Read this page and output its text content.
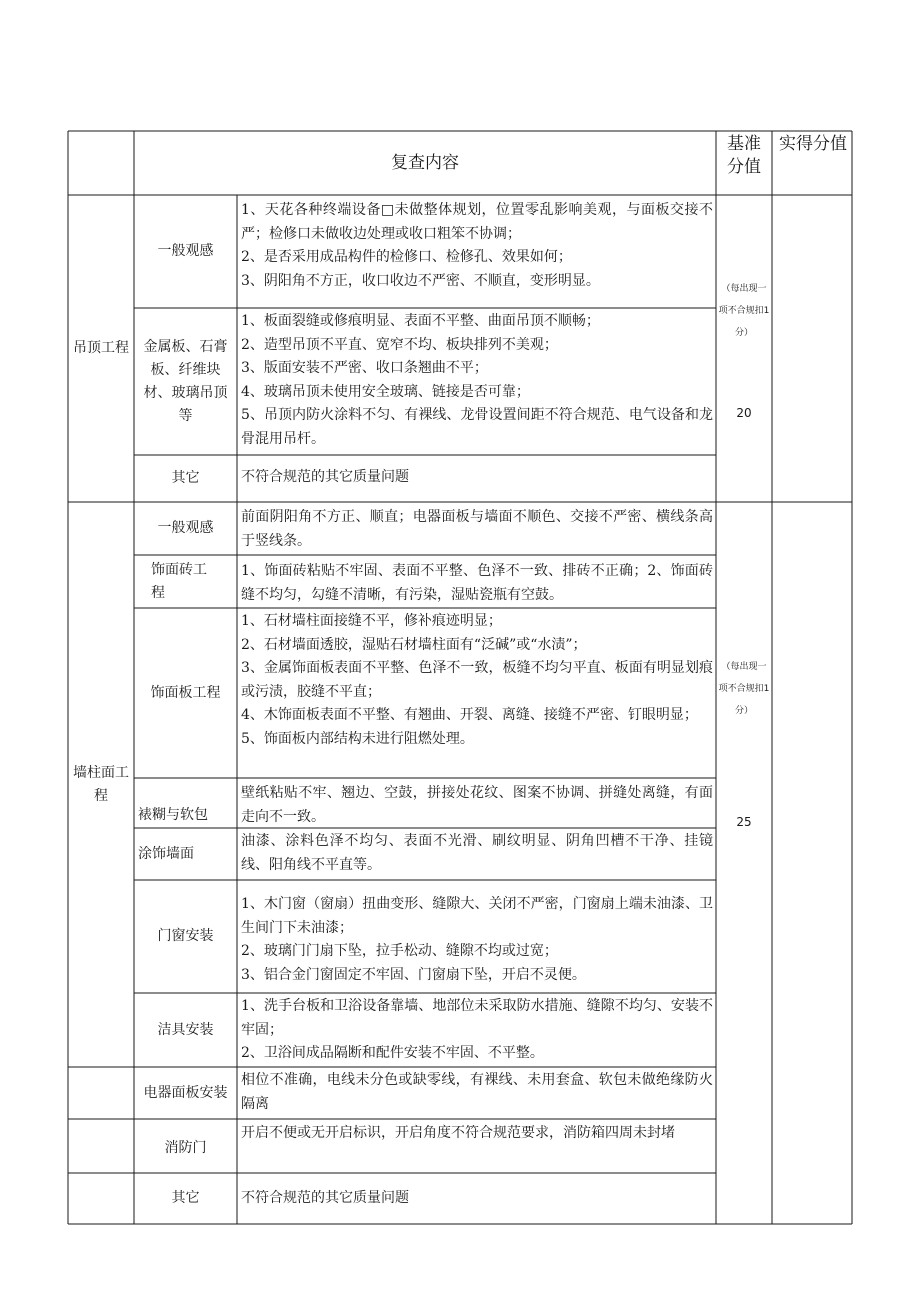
复查内容
基准分值
实得分值
吊顶工程
一般观感
1、天花各种终端设备□未做整体规划，位置零乱影响美观，与面板交接不严；检修口未做收边处理或收口粗笨不协调；
2、是否采用成品构件的检修口、检修孔、效果如何；
3、阴阳角不方正，收口收边不严密、不顺直，变形明显。
金属板、石膏板、纤维块材、玻璃吊顶等
1、板面裂缝或修痕明显、表面不平整、曲面吊顶不顺畅；
2、造型吊顶不平直、宽窄不均、板块排列不美观；
3、版面安装不严密、收口条翘曲不平；
4、玻璃吊顶未使用安全玻璃、链接是否可靠；
5、吊顶内防火涂料不匀、有裸线、龙骨设置间距不符合规范、电气设备和龙骨混用吊杆。
其它	不符合规范的其它质量问题
（每出现一项不合规扣1分）
20
墙柱面工程
一般观感
前面阴阳角不方正、顺直；电器面板与墙面不顺色、交接不严密、横线条高于竖线条。
饰面砖工程
1、饰面砖粘贴不牢固、表面不平整、色泽不一致、排砖不正确；2、饰面砖缝不均匀，勾缝不清晰，有污染，湿贴瓷瓶有空鼓。
饰面板工程
1、石材墙柱面接缝不平，修补痕迹明显；
2、石材墙面透胶，湿贴石材墙柱面有“泛碱”或“水渍”；
3、金属饰面板表面不平整、色泽不一致，板缝不均匀平直、板面有明显划痕或污渍，胶缝不平直；
4、木饰面板表面不平整、有翘曲、开裂、离缝、接缝不严密、钉眼明显；
5、饰面板内部结构未进行阻燃处理。
裱糊与软包
壁纸粘贴不牢、翘边、空鼓，拼接处花纹、图案不协调、拼缝处离缝，有面走向不一致。
涂饰墙面
油漆、涂料色泽不均匀、表面不光滑、刷纹明显、阴角凹槽不干净、挂镜线、阳角线不平直等。
门窗安装
1、木门窗（窗扇）扭曲变形、缝隙大、关闭不严密，门窗扇上端未油漆、卫生间门下未油漆；
2、玻璃门门扇下坠，拉手松动、缝隙不均或过宽；
3、铝合金门窗固定不牢固、门窗扇下坠，开启不灵便。
洁具安装
1、洗手台板和卫浴设备靠墙、地部位未采取防水措施、缝隙不均匀、安装不牢固；
2、卫浴间成品隔断和配件安装不牢固、不平整。
（每出现一项不合规扣1分）
25
电器面板安装
相位不准确，电线未分色或缺零线，有裸线、未用套盒、软包未做绝缘防火隔离
消防门
开启不便或无开启标识，开启角度不符合规范要求，消防箱四周未封堵
其它	不符合规范的其它质量问题
